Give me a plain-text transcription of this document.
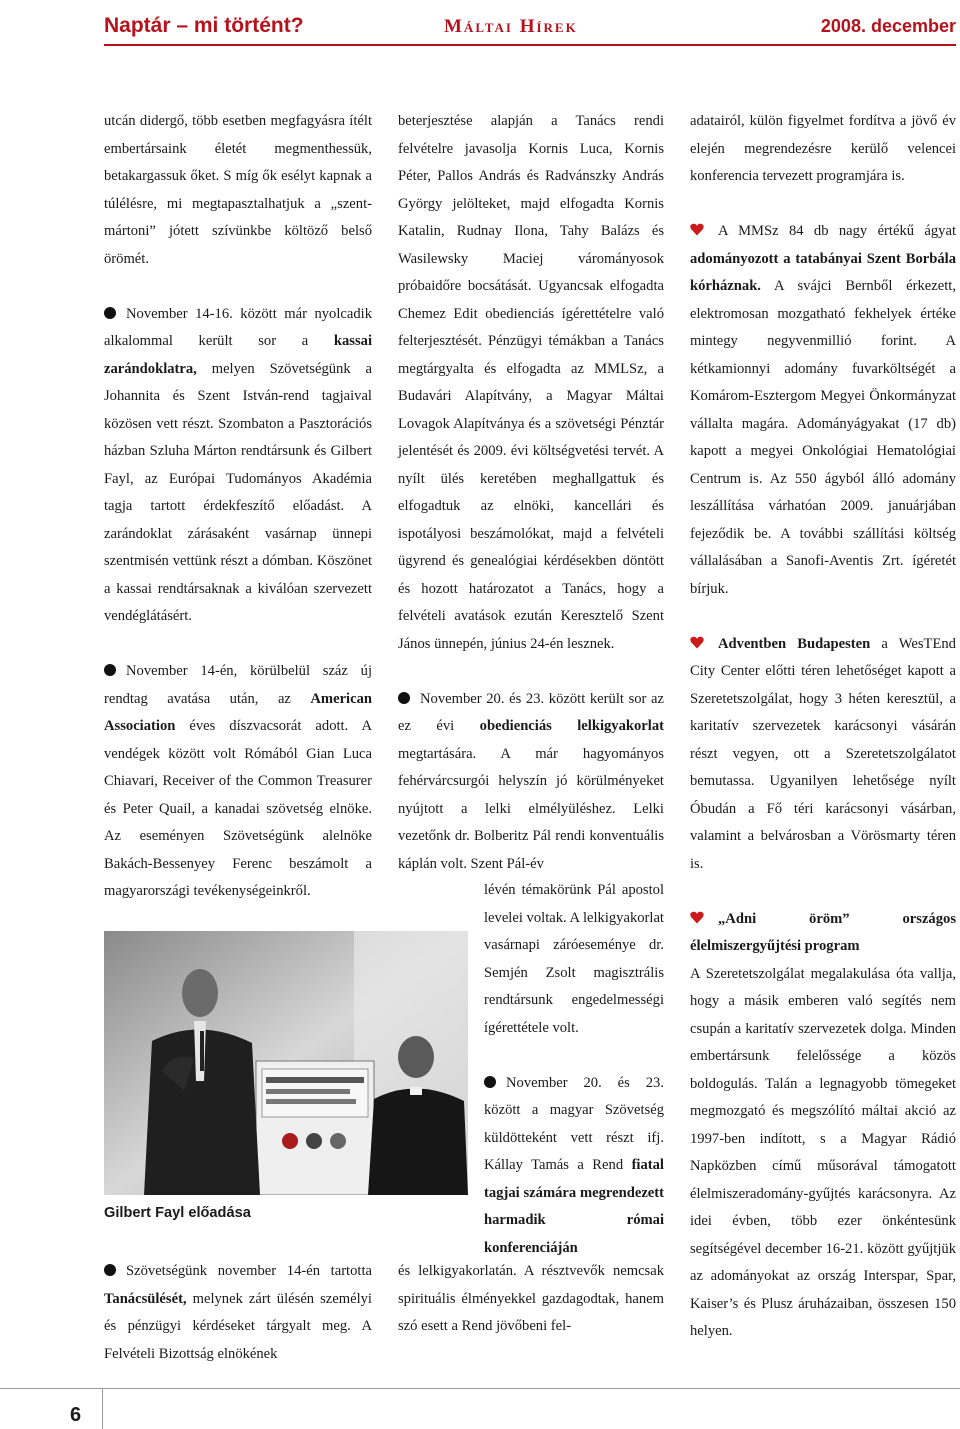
Naptár – mi történt?	Máltai Hírek	2008. december

utcán didergő, több esetben megfagyásra ítélt embertársaink életét megmenthessük, betakargassuk őket. S míg ők esélyt kapnak a túlélésre, mi megtapasztalhatjuk a „szent-mártoni” jótett szívünkbe költöző belső örömét.

November 14-16. között már nyolcadik alkalommal került sor a kassai zarándoklatra, melyen Szövetségünk a Johannita és Szent István-rend tagjaival közösen vett részt. Szombaton a Pasztorációs házban Szluha Márton rendtársunk és Gilbert Fayl, az Európai Tudományos Akadémia tagja tartott érdekfeszítő előadást. A zarándoklat zárásaként vasárnap ünnepi szentmisén vettünk részt a dómban. Köszönet a kassai rendtársaknak a kiválóan szervezett vendéglátásért.

November 14-én, körülbelül száz új rendtag avatása után, az American Association éves díszvacsorát adott. A vendégek között volt Rómából Gian Luca Chiavari, Receiver of the Common Treasurer és Peter Quail, a kanadai szövetség elnöke. Az eseményen Szövetségünk alelnöke Bakách-Bessenyey Ferenc beszámolt a magyarországi tevékenységeinkről.

Gilbert Fayl előadása

Szövetségünk november 14-én tartotta Tanácsülését, melynek zárt ülésén személyi és pénzügyi kérdéseket tárgyalt meg. A Felvételi Bizottság elnökének

beterjesztése alapján a Tanács rendi felvételre javasolja Kornis Luca, Kornis Péter, Pallos András és Radvánszky András György jelölteket, majd elfogadta Kornis Katalin, Rudnay Ilona, Tahy Balázs és Wasilewsky Maciej várományosok próbaidőre bocsátását. Ugyancsak elfogadta Chemez Edit obedienciás ígérettételre való felterjesztését. Pénzügyi témákban a Tanács megtárgyalta és elfogadta az MMLSz, a Budavári Alapítvány, a Magyar Máltai Lovagok Alapítványa és a szövetségi Pénztár jelentését és 2009. évi költségvetési tervét. A nyílt ülés keretében meghallgattuk és elfogadtuk az elnöki, kancellári és ispotályosi beszámolókat, majd a felvételi ügyrend és genealógiai kérdésekben döntött és hozott határozatot a Tanács, hogy a felvételi avatások ezután Keresztelő Szent János ünnepén, június 24-én lesznek.

November 20. és 23. között került sor az ez évi obedienciás lelkigyakorlat megtartására. A már hagyományos fehérvárcsurgói helyszín jó körülményeket nyújtott a lelki elmélyüléshez. Lelki vezetőnk dr. Bolberitz Pál rendi konventuális káplán volt. Szent Pál-év

lévén témakörünk Pál apostol levelei voltak. A lelkigyakorlat vasárnapi záróeseménye dr. Semjén Zsolt magisztrális rendtársunk engedelmességi ígérettétele volt.

November 20. és 23. között a magyar Szövetség küldötteként vett részt ifj. Kállay Tamás a Rend fiatal tagjai számára megrendezett harmadik római konferenciáján

és lelkigyakorlatán. A résztvevők nemcsak spirituális élményekkel gazdagodtak, hanem szó esett a Rend jövőbeni fel-

adatairól, külön figyelmet fordítva a jövő év elején megrendezésre kerülő velencei konferencia tervezett programjára is.

A MMSz 84 db nagy értékű ágyat adományozott a tatabányai Szent Borbála kórháznak. A svájci Bernből érkezett, elektromosan mozgatható fekhelyek értéke mintegy negyvenmillió forint. A kétkamionnyi adomány fuvarköltségét a Komárom-Esztergom Megyei Önkormányzat vállalta magára. Adományágyakat (17 db) kapott a megyei Onkológiai Hematológiai Centrum is. Az 550 ágyból álló adomány leszállítása várhatóan 2009. januárjában fejeződik be. A további szállítási költség vállalásában a Sanofi-Aventis Zrt. ígéretét bírjuk.

Adventben Budapesten a WesTEnd City Center előtti téren lehetőséget kapott a Szeretetszolgálat, hogy 3 héten keresztül, a karitatív szervezetek karácsonyi vásárán részt vegyen, ott a Szeretetszolgálatot bemutassa. Ugyanilyen lehetősége nyílt Óbudán a Fő téri karácsonyi vásárban, valamint a belvárosban a Vörösmarty téren is.

„Adni öröm” országos élelmiszergyűjtési program

A Szeretetszolgálat megalakulása óta vallja, hogy a másik emberen való segítés nem csupán a karitatív szervezetek dolga. Minden embertársunk felelőssége a közös boldogulás. Talán a legnagyobb tömegeket megmozgató és megszólító máltai akció az 1997-ben indított, s a Magyar Rádió Napközben című műsorával támogatott élelmiszeradomány-gyűjtés karácsonyra. Az idei évben, több ezer önkéntesünk segítségével december 16-21. között gyűjtjük az adományokat az ország Interspar, Spar, Kaiser’s és Plusz áruházaiban, összesen 150 helyen.

6
